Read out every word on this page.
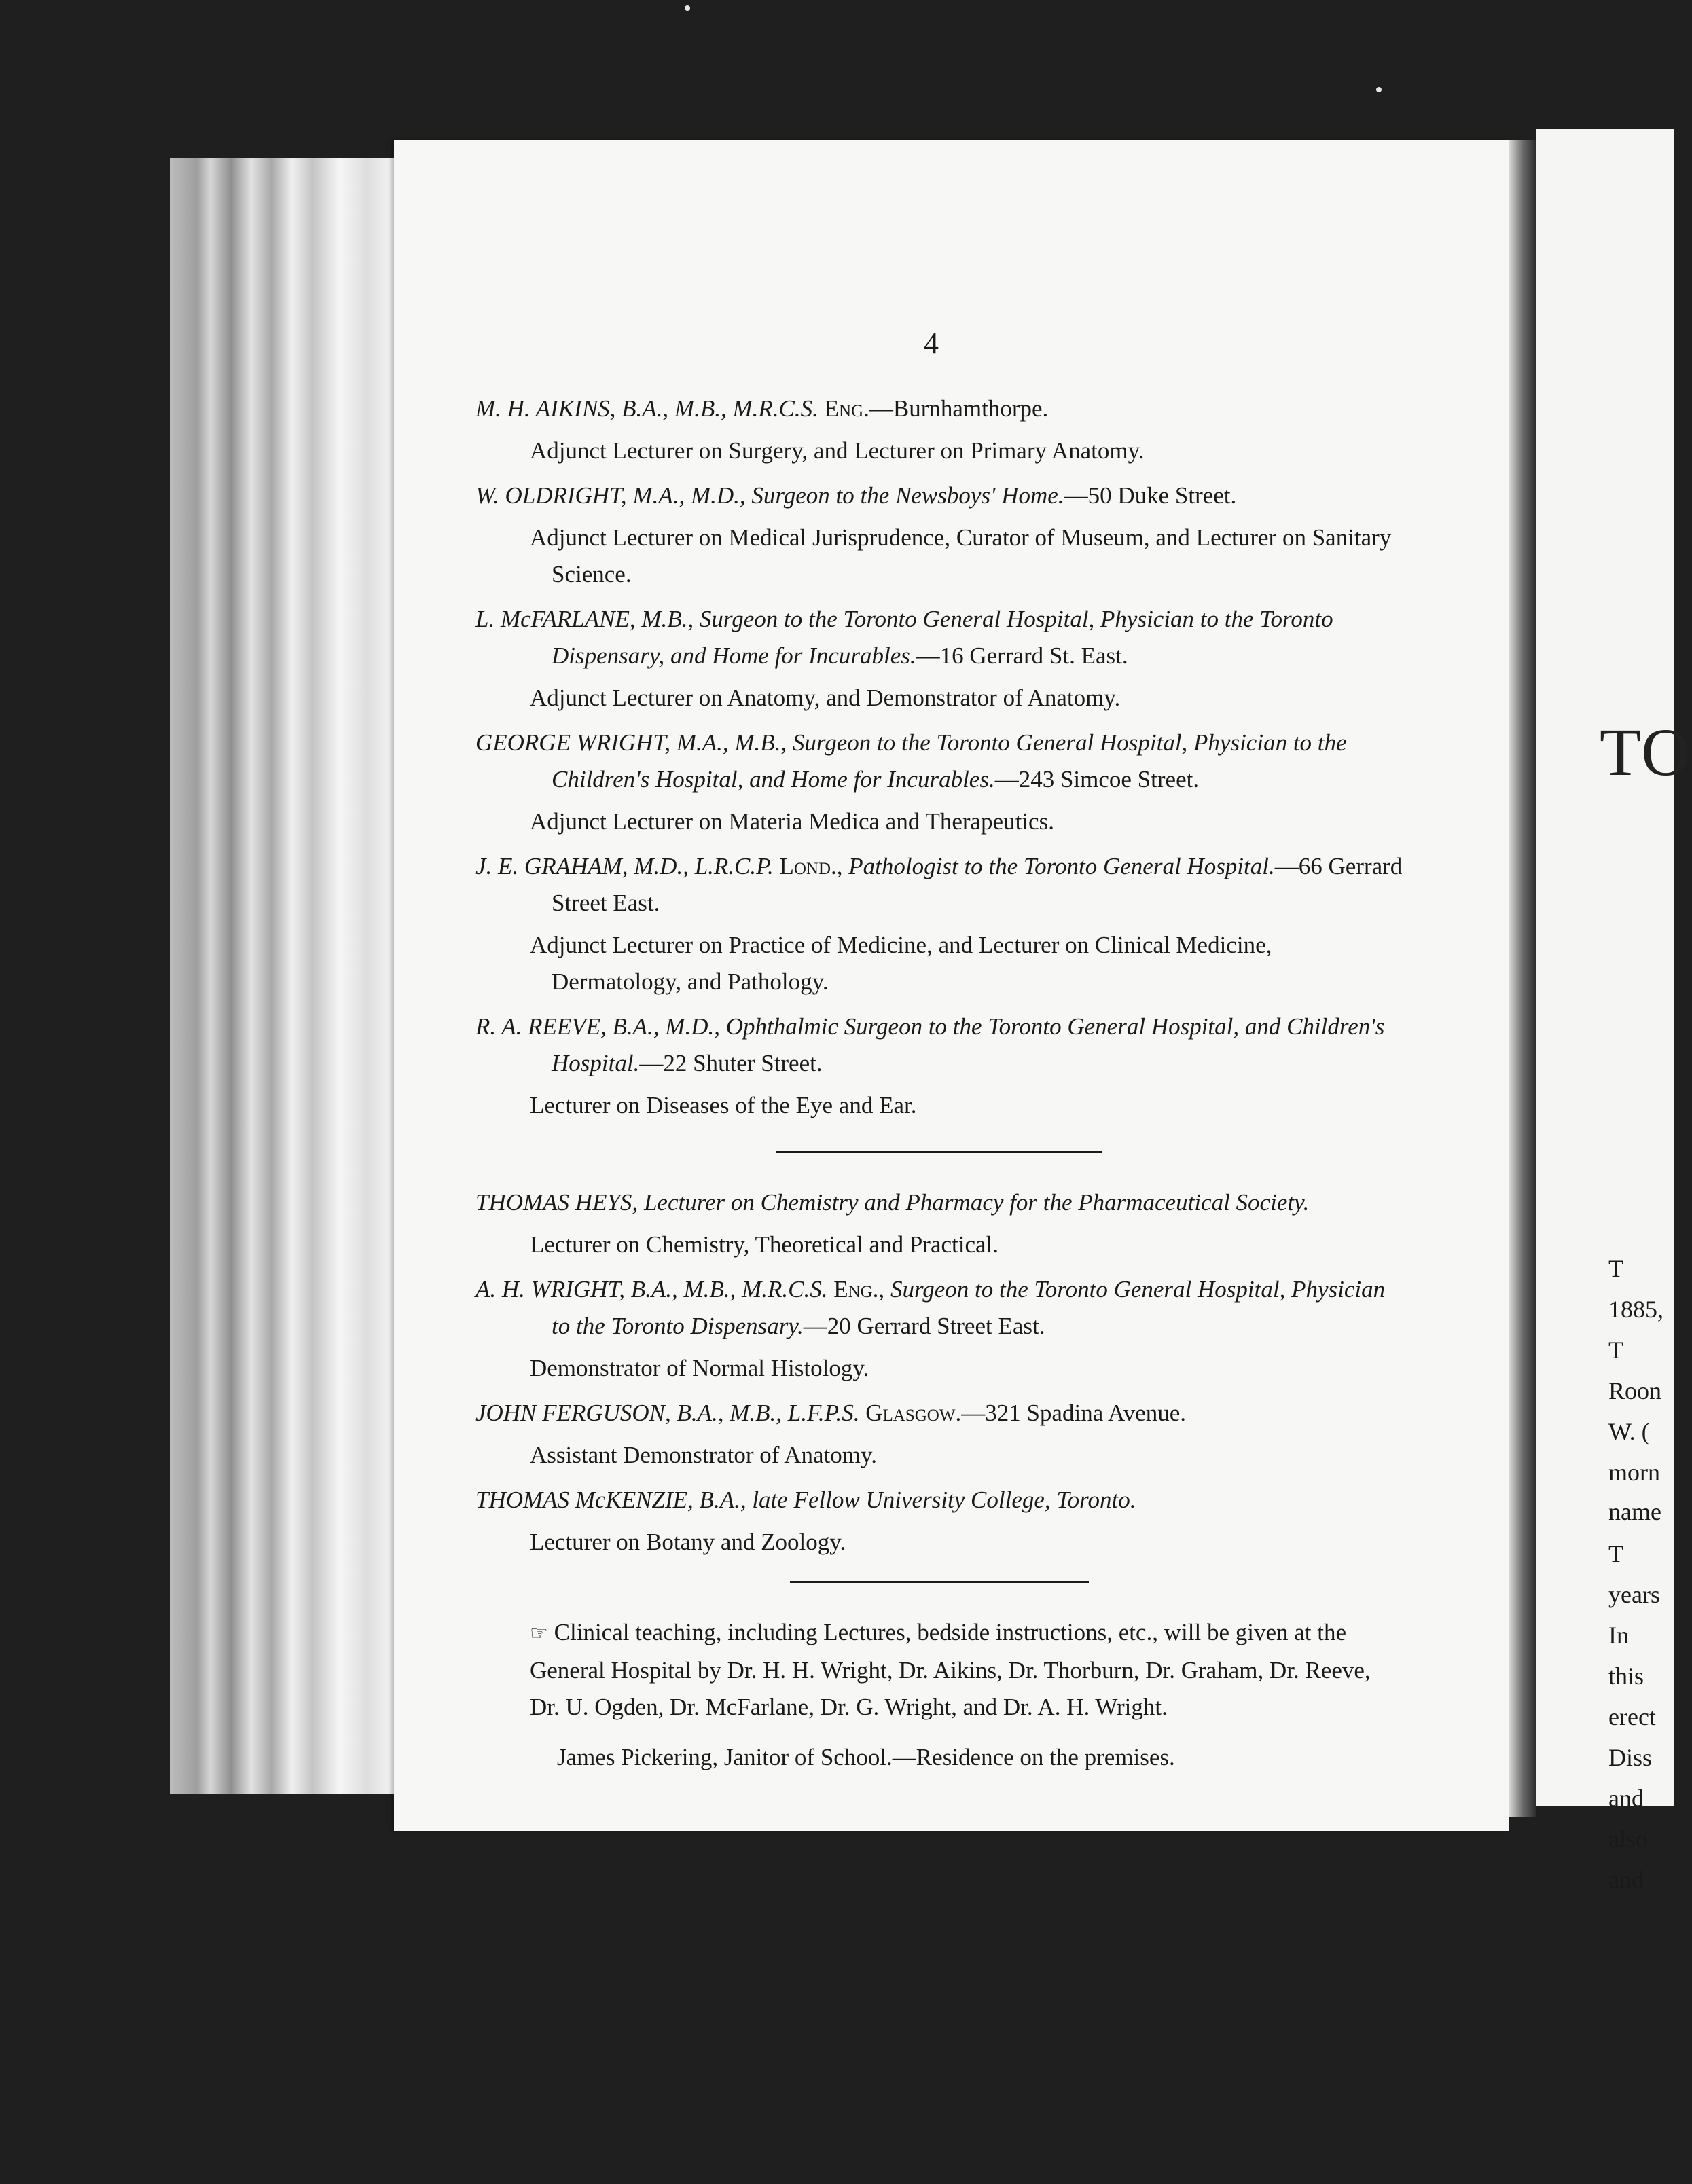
4
M. H. AIKINS, B.A., M.B., M.R.C.S. Eng.—Burnhamthorpe.
Adjunct Lecturer on Surgery, and Lecturer on Primary Anatomy.
W. OLDRIGHT, M.A., M.D., Surgeon to the Newsboys' Home.—50 Duke Street.
Adjunct Lecturer on Medical Jurisprudence, Curator of Museum, and Lecturer on Sanitary Science.
L. McFARLANE, M.B., Surgeon to the Toronto General Hospital, Physician to the Toronto Dispensary, and Home for Incurables.—16 Gerrard St. East.
Adjunct Lecturer on Anatomy, and Demonstrator of Anatomy.
GEORGE WRIGHT, M.A., M.B., Surgeon to the Toronto General Hospital, Physician to the Children's Hospital, and Home for Incurables.—243 Simcoe Street.
Adjunct Lecturer on Materia Medica and Therapeutics.
J. E. GRAHAM, M.D., L.R.C.P. Lond., Pathologist to the Toronto General Hospital.—66 Gerrard Street East.
Adjunct Lecturer on Practice of Medicine, and Lecturer on Clinical Medicine, Dermatology, and Pathology.
R. A. REEVE, B.A., M.D., Ophthalmic Surgeon to the Toronto General Hospital, and Children's Hospital.—22 Shuter Street.
Lecturer on Diseases of the Eye and Ear.
THOMAS HEYS, Lecturer on Chemistry and Pharmacy for the Pharmaceutical Society.
Lecturer on Chemistry, Theoretical and Practical.
A. H. WRIGHT, B.A., M.B., M.R.C.S. Eng., Surgeon to the Toronto General Hospital, Physician to the Toronto Dispensary.—20 Gerrard Street East.
Demonstrator of Normal Histology.
JOHN FERGUSON, B.A., M.B., L.F.P.S. Glasgow.—321 Spadina Avenue.
Assistant Demonstrator of Anatomy.
THOMAS McKENZIE, B.A., late Fellow University College, Toronto.
Lecturer on Botany and Zoology.

☞ Clinical teaching, including Lectures, bedside instructions, etc., will be given at the General Hospital by Dr. H. H. Wright, Dr. Aikins, Dr. Thorburn, Dr. Graham, Dr. Reeve, Dr. U. Ogden, Dr. McFarlane, Dr. G. Wright, and Dr. A. H. Wright.

James Pickering, Janitor of School.—Residence on the premises.

TO
T
1885,
T
Roon
W. (
morn
name
T
years
In
this
erect
Diss
and
also
and
